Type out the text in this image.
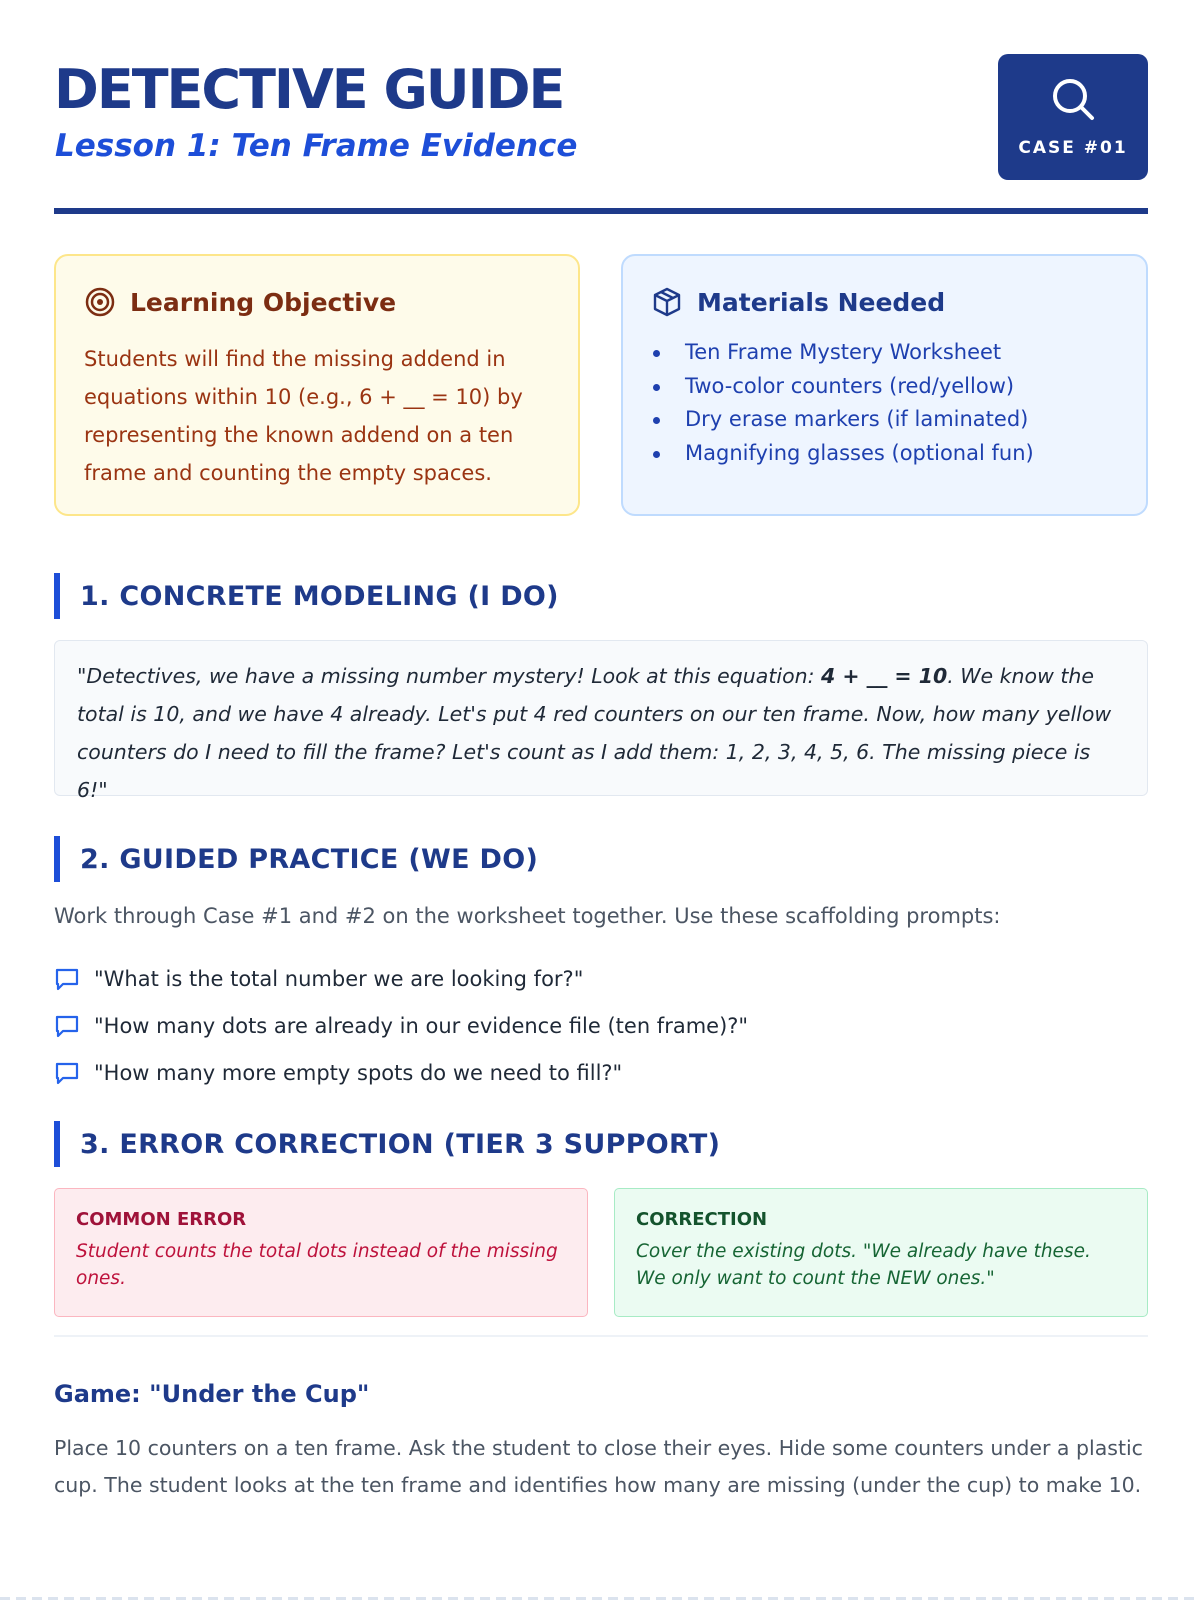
DETECTIVE GUIDE
Lesson 1: Ten Frame Evidence	CASE #01
Learning Objective

Students will find the missing addend in equations within 10 (e.g., 6 + __ = 10) by representing the known addend on a ten frame and counting the empty spaces.

Materials Needed
Ten Frame Mystery Worksheet
Two-color counters (red/yellow)
Dry erase markers (if laminated)
Magnifying glasses (optional fun)
1. CONCRETE MODELING (I DO)

"Detectives, we have a missing number mystery! Look at this equation: 4 + __ = 10. We know the total is 10, and we have 4 already. Let's put 4 red counters on our ten frame. Now, how many yellow counters do I need to fill the frame? Let's count as I add them: 1, 2, 3, 4, 5, 6. The missing piece is 6!"

2. GUIDED PRACTICE (WE DO)

Work through Case #1 and #2 on the worksheet together. Use these scaffolding prompts:

"What is the total number we are looking for?"
"How many dots are already in our evidence file (ten frame)?"
"How many more empty spots do we need to fill?"
3. ERROR CORRECTION (TIER 3 SUPPORT)

COMMON ERROR

Student counts the total dots instead of the missing ones.

CORRECTION

Cover the existing dots. "We already have these. We only want to count the NEW ones."

Game: "Under the Cup"

Place 10 counters on a ten frame. Ask the student to close their eyes. Hide some counters under a plastic cup. The student looks at the ten frame and identifies how many are missing (under the cup) to make 10.
